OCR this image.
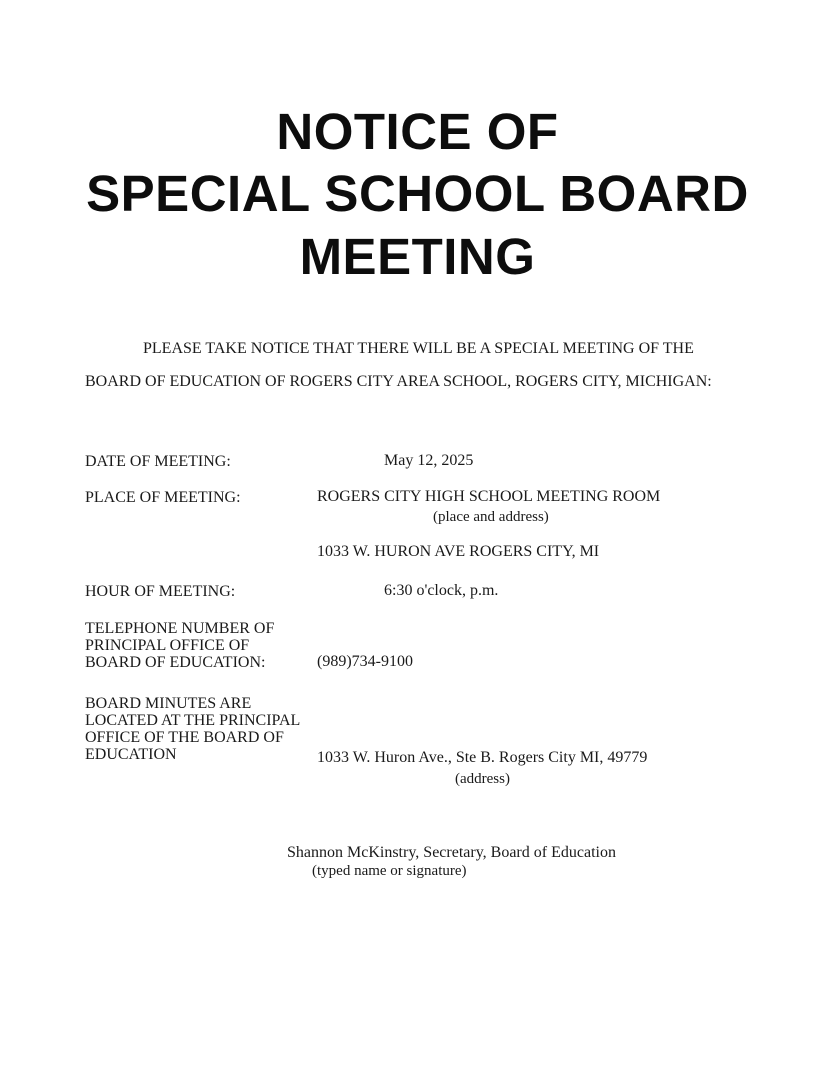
NOTICE OF
SPECIAL SCHOOL BOARD
MEETING
PLEASE TAKE NOTICE THAT THERE WILL BE A SPECIAL MEETING OF THE
BOARD OF EDUCATION OF ROGERS CITY AREA SCHOOL, ROGERS CITY, MICHIGAN:
DATE OF MEETING:	May 12, 2025
PLACE OF MEETING:	ROGERS CITY HIGH SCHOOL MEETING ROOM
(place and address)
1033 W. HURON AVE ROGERS CITY, MI
HOUR OF MEETING:	6:30 o'clock, p.m.
TELEPHONE NUMBER OF
PRINCIPAL OFFICE OF
BOARD OF EDUCATION:	(989)734-9100
BOARD MINUTES ARE
LOCATED AT THE PRINCIPAL
OFFICE OF THE BOARD OF
EDUCATION	1033 W. Huron Ave., Ste B. Rogers City MI, 49779
(address)
Shannon McKinstry, Secretary, Board of Education
(typed name or signature)
